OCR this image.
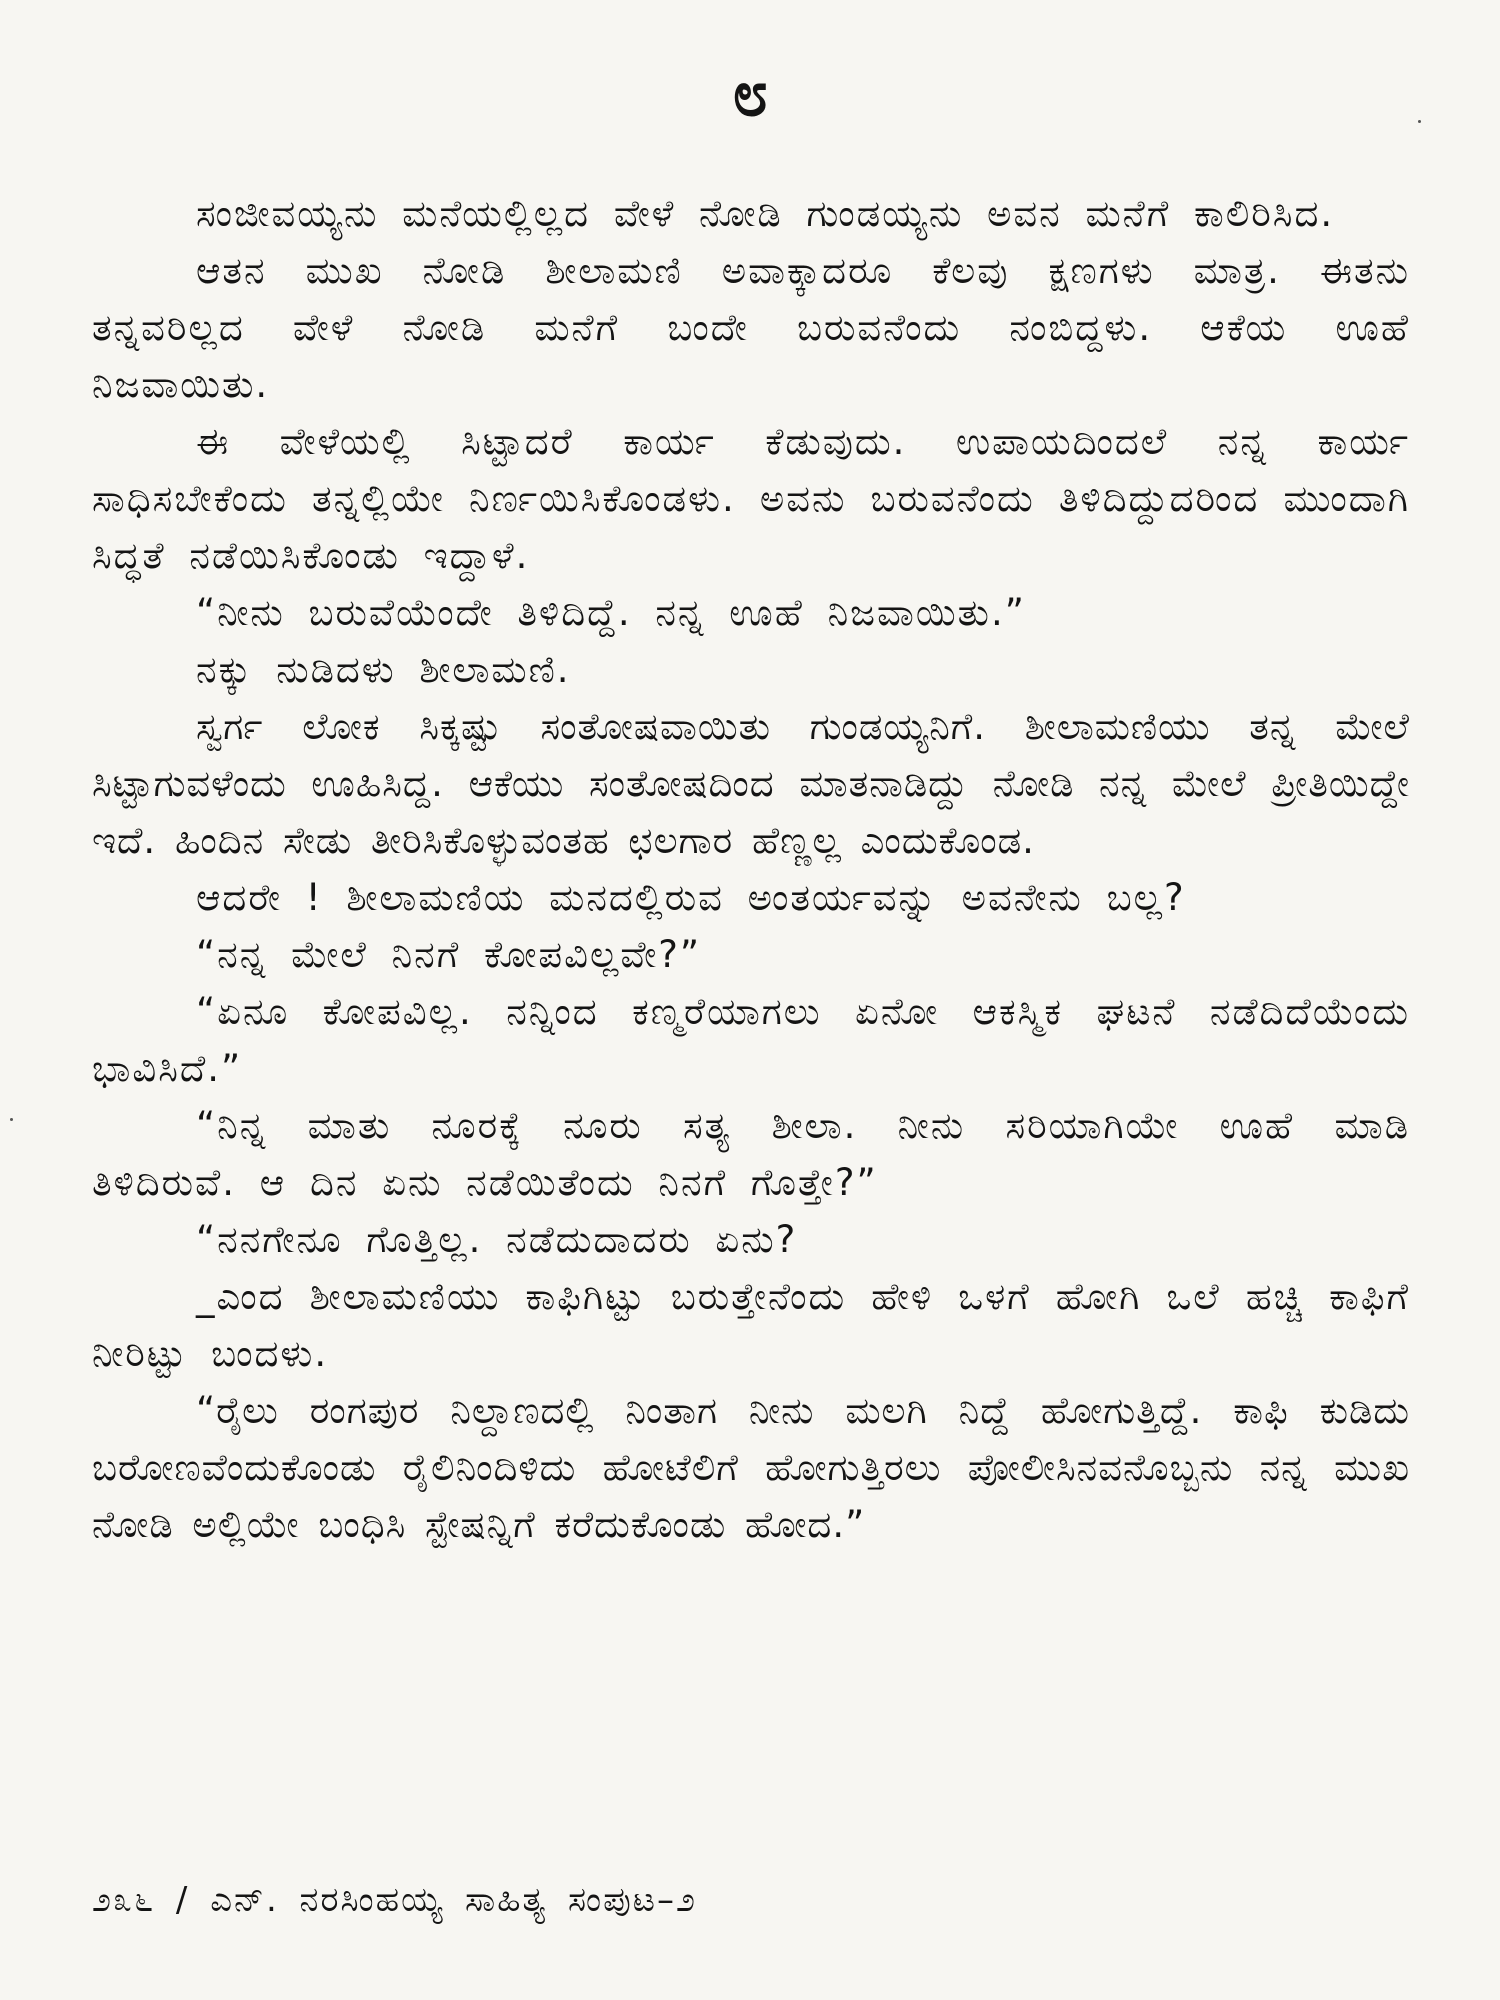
೮

ಸಂಜೀವಯ್ಯನು ಮನೆಯಲ್ಲಿಲ್ಲದ ವೇಳೆ ನೋಡಿ ಗುಂಡಯ್ಯನು ಅವನ ಮನೆಗೆ ಕಾಲಿರಿಸಿದ.

ಆತನ ಮುಖ ನೋಡಿ ಶೀಲಾಮಣಿ ಅವಾಕ್ಕಾದರೂ ಕೆಲವು ಕ್ಷಣಗಳು ಮಾತ್ರ. ಈತನು ತನ್ನವರಿಲ್ಲದ ವೇಳೆ ನೋಡಿ ಮನೆಗೆ ಬಂದೇ ಬರುವನೆಂದು ನಂಬಿದ್ದಳು. ಆಕೆಯ ಊಹೆ ನಿಜವಾಯಿತು.

ಈ ವೇಳೆಯಲ್ಲಿ ಸಿಟ್ಟಾದರೆ ಕಾರ್ಯ ಕೆಡುವುದು. ಉಪಾಯದಿಂದಲೆ ನನ್ನ ಕಾರ್ಯ ಸಾಧಿಸಬೇಕೆಂದು ತನ್ನಲ್ಲಿಯೇ ನಿರ್ಣಯಿಸಿಕೊಂಡಳು. ಅವನು ಬರುವನೆಂದು ತಿಳಿದಿದ್ದುದರಿಂದ ಮುಂದಾಗಿ ಸಿದ್ಧತೆ ನಡೆಯಿಸಿಕೊಂಡು ಇದ್ದಾಳೆ.

“ನೀನು ಬರುವೆಯೆಂದೇ ತಿಳಿದಿದ್ದೆ. ನನ್ನ ಊಹೆ ನಿಜವಾಯಿತು.”

ನಕ್ಕು ನುಡಿದಳು ಶೀಲಾಮಣಿ.

ಸ್ವರ್ಗ ಲೋಕ ಸಿಕ್ಕಷ್ಟು ಸಂತೋಷವಾಯಿತು ಗುಂಡಯ್ಯನಿಗೆ. ಶೀಲಾಮಣಿಯು ತನ್ನ ಮೇಲೆ ಸಿಟ್ಟಾಗುವಳೆಂದು ಊಹಿಸಿದ್ದ. ಆಕೆಯು ಸಂತೋಷದಿಂದ ಮಾತನಾಡಿದ್ದು ನೋಡಿ ನನ್ನ ಮೇಲೆ ಪ್ರೀತಿಯಿದ್ದೇ ಇದೆ. ಹಿಂದಿನ ಸೇಡು ತೀರಿಸಿಕೊಳ್ಳುವಂತಹ ಛಲಗಾರ ಹೆಣ್ಣಲ್ಲ ಎಂದುಕೊಂಡ.

ಆದರೇ ! ಶೀಲಾಮಣಿಯ ಮನದಲ್ಲಿರುವ ಅಂತರ್ಯವನ್ನು ಅವನೇನು ಬಲ್ಲ?

“ನನ್ನ ಮೇಲೆ ನಿನಗೆ ಕೋಪವಿಲ್ಲವೇ?”

“ಏನೂ ಕೋಪವಿಲ್ಲ. ನನ್ನಿಂದ ಕಣ್ಮರೆಯಾಗಲು ಏನೋ ಆಕಸ್ಮಿಕ ಘಟನೆ ನಡೆದಿದೆಯೆಂದು ಭಾವಿಸಿದೆ.”

“ನಿನ್ನ ಮಾತು ನೂರಕ್ಕೆ ನೂರು ಸತ್ಯ ಶೀಲಾ. ನೀನು ಸರಿಯಾಗಿಯೇ ಊಹೆ ಮಾಡಿ ತಿಳಿದಿರುವೆ. ಆ ದಿನ ಏನು ನಡೆಯಿತೆಂದು ನಿನಗೆ ಗೊತ್ತೇ?”

“ನನಗೇನೂ ಗೊತ್ತಿಲ್ಲ. ನಡೆದುದಾದರು ಏನು?

_ಎಂದ ಶೀಲಾಮಣಿಯು ಕಾಫಿಗಿಟ್ಟು ಬರುತ್ತೇನೆಂದು ಹೇಳಿ ಒಳಗೆ ಹೋಗಿ ಒಲೆ ಹಚ್ಚಿ ಕಾಫಿಗೆ ನೀರಿಟ್ಟು ಬಂದಳು.

“ರೈಲು ರಂಗಪುರ ನಿಲ್ದಾಣದಲ್ಲಿ ನಿಂತಾಗ ನೀನು ಮಲಗಿ ನಿದ್ದೆ ಹೋಗುತ್ತಿದ್ದೆ. ಕಾಫಿ ಕುಡಿದು ಬರೋಣವೆಂದುಕೊಂಡು ರೈಲಿನಿಂದಿಳಿದು ಹೋಟೆಲಿಗೆ ಹೋಗುತ್ತಿರಲು ಪೋಲೀಸಿನವನೊಬ್ಬನು ನನ್ನ ಮುಖ ನೋಡಿ ಅಲ್ಲಿಯೇ ಬಂಧಿಸಿ ಸ್ಟೇಷನ್ನಿಗೆ ಕರೆದುಕೊಂಡು ಹೋದ.”

೨೩೬ / ಎನ್. ನರಸಿಂಹಯ್ಯ ಸಾಹಿತ್ಯ ಸಂಪುಟ–೨
